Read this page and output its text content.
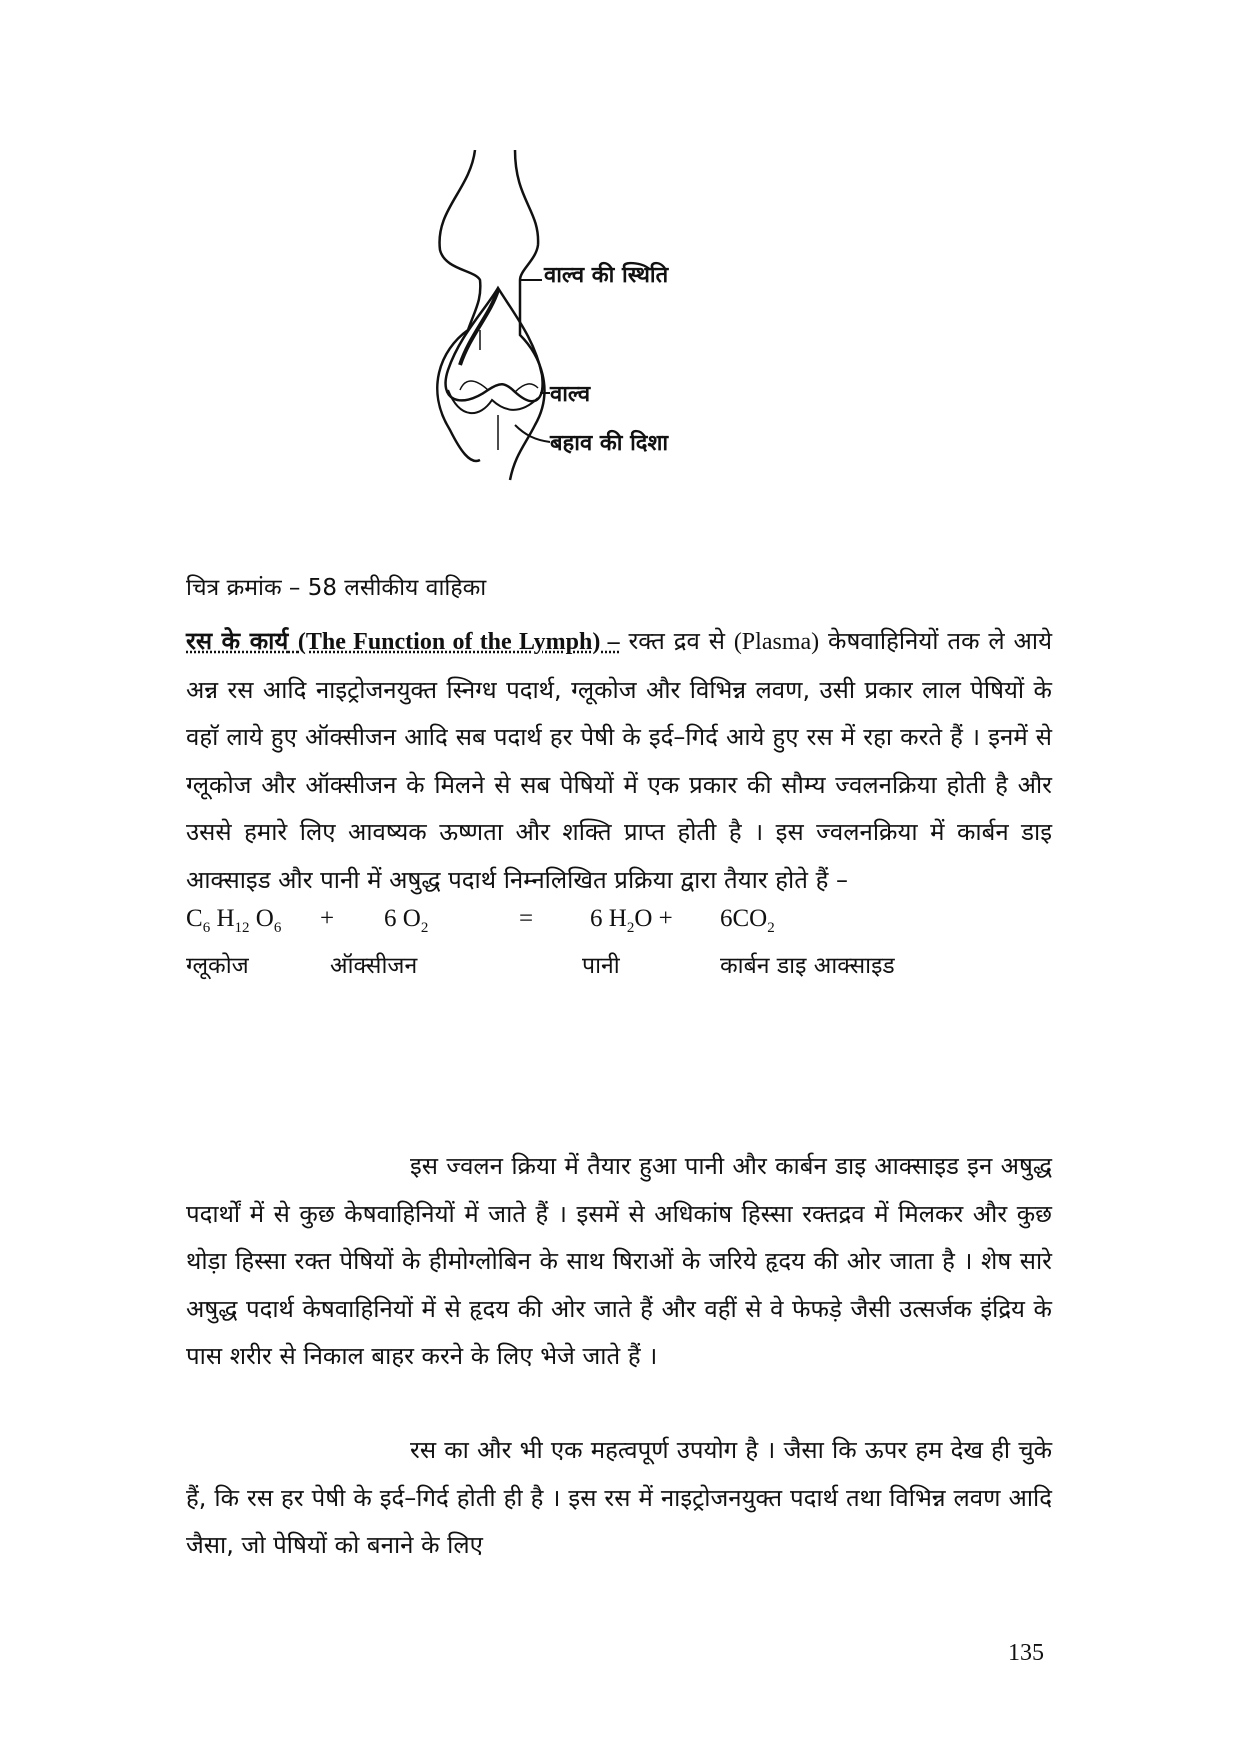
वाल्व की स्थिति
वाल्व
बहाव की दिशा
चित्र क्रमांक – 58 लसीकीय वाहिका

रस के कार्य (The Function of the Lymph) – रक्त द्रव से (Plasma) केषवाहिनियों तक ले आये अन्न रस आदि नाइट्रोजनयुक्त स्निग्ध पदार्थ, ग्लूकोज और विभिन्न लवण, उसी प्रकार लाल पेषियों के वहाॅ लाये हुए ऑक्सीजन आदि सब पदार्थ हर पेषी के इर्द–गिर्द आये हुए रस में रहा करते हैं । इनमें से ग्लूकोज और ऑक्सीजन के मिलने से सब पेषियों में एक प्रकार की सौम्य ज्वलनक्रिया होती है और उससे हमारे लिए आवष्यक ऊष्णता और शक्ति प्राप्त होती है । इस ज्वलनक्रिया में कार्बन डाइ आक्साइड और पानी में अषुद्ध पदार्थ निम्नलिखित प्रक्रिया द्वारा तैयार होते हैं –

$C_6$ $H_{12}$ $O_6 + 6$ $O_2$	= 6 $H_2O + 6CO_2$
ग्लूकोज	ऑक्सीजन	पानी	कार्बन डाइ आक्साइड

इस ज्वलन क्रिया में तैयार हुआ पानी और कार्बन डाइ आक्साइड इन अषुद्ध पदार्थों में से कुछ केषवाहिनियों में जाते हैं । इसमें से अधिकांष हिस्सा रक्तद्रव में मिलकर और कुछ थोड़ा हिस्सा रक्त पेषियों के हीमोग्लोबिन के साथ षिराओं के जरिये हृदय की ओर जाता है । शेष सारे अषुद्ध पदार्थ केषवाहिनियों में से हृदय की ओर जाते हैं और वहीं से वे फेफड़े जैसी उत्सर्जक इंद्रिय के पास शरीर से निकाल बाहर करने के लिए भेजे जाते हैं ।

रस का और भी एक महत्वपूर्ण उपयोग है । जैसा कि ऊपर हम देख ही चुके हैं, कि रस हर पेषी के इर्द–गिर्द होती ही है । इस रस में नाइट्रोजनयुक्त पदार्थ तथा विभिन्न लवण आदि जैसा, जो पेषियों को बनाने के लिए

135
